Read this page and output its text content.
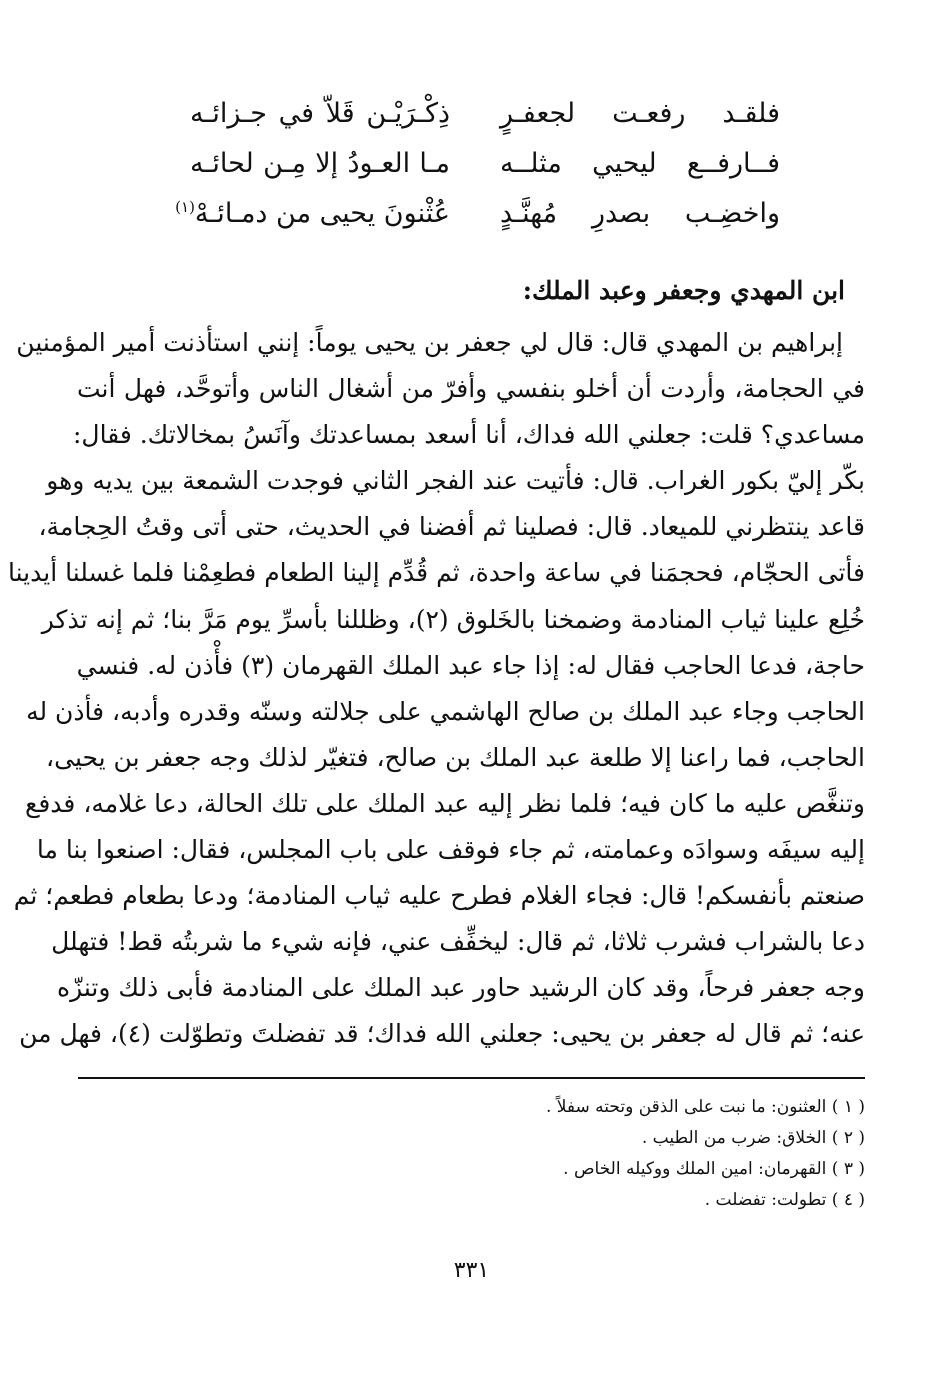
فلقـد رفعـت لجعفـرٍ
ذِكْـرَيْـن قَلاّ في جـزائـه
فــارفــع ليحيي مثلــه
مـا العـودُ إلا مِـن لحائـه
واخضِـب بصدرِ مُهنَّـدٍ
عُثْنونَ يحيى من دمـائـهْ$^{(١)}$
ابن المهدي وجعفر وعبد الملك:
إبراهيم بن المهدي قال: قال لي جعفر بن يحيى يوماً: إنني استأذنت أمير المؤمنين
في الحجامة، وأردت أن أخلو بنفسي وأفرّ من أشغال الناس وأتوحَّد، فهل أنت
مساعدي؟ قلت: جعلني الله فداك، أنا أسعد بمساعدتك وآنَسُ بمخالاتك. فقال:
بكّر إليّ بكور الغراب. قال: فأتيت عند الفجر الثاني فوجدت الشمعة بين يديه وهو
قاعد ينتظرني للميعاد. قال: فصلينا ثم أفضنا في الحديث، حتى أتى وقتُ الحِجامة،
فأتى الحجّام، فحجمَنا في ساعة واحدة، ثم قُدِّم إلينا الطعام فطعِمْنا فلما غسلنا أيدينا
خُلِع علينا ثياب المنادمة وضمخنا بالخَلوق (٢)، وظللنا بأسرِّ يوم مَرَّ بنا؛ ثم إنه تذكر
حاجة، فدعا الحاجب فقال له: إذا جاء عبد الملك القهرمان (٣) فأْذن له. فنسي
الحاجب وجاء عبد الملك بن صالح الهاشمي على جلالته وسنّه وقدره وأدبه، فأذن له
الحاجب، فما راعنا إلا طلعة عبد الملك بن صالح، فتغيّر لذلك وجه جعفر بن يحيى،
وتنغَّص عليه ما كان فيه؛ فلما نظر إليه عبد الملك على تلك الحالة، دعا غلامه، فدفع
إليه سيفَه وسوادَه وعمامته، ثم جاء فوقف على باب المجلس، فقال: اصنعوا بنا ما
صنعتم بأنفسكم! قال: فجاء الغلام فطرح عليه ثياب المنادمة؛ ودعا بطعام فطعم؛ ثم
دعا بالشراب فشرب ثلاثا، ثم قال: ليخفِّف عني، فإنه شيء ما شربتُه قط! فتهلل
وجه جعفر فرحاً، وقد كان الرشيد حاور عبد الملك على المنادمة فأبى ذلك وتنزّه
عنه؛ ثم قال له جعفر بن يحيى: جعلني الله فداك؛ قد تفضلتَ وتطوّلت (٤)، فهل من
( ١ ) العثنون: ما نبت على الذقن وتحته سفلاً .
( ٢ ) الخلاق: ضرب من الطيب .
( ٣ ) القهرمان: امين الملك ووكيله الخاص .
( ٤ ) تطولت: تفضلت .
٣٣١
